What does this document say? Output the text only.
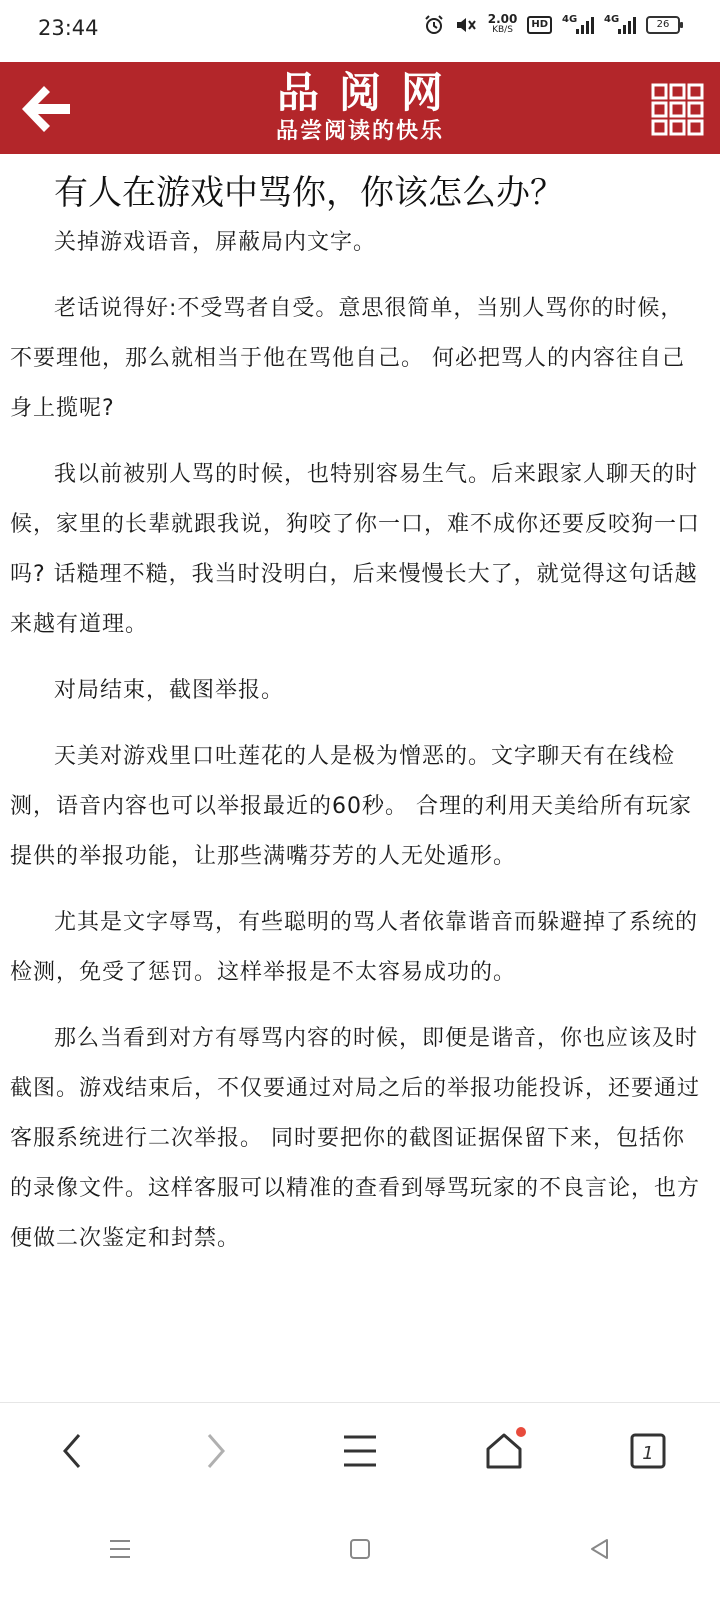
23:44	2.00
KB/S	HD	4G	4G	26
品阅网
品尝阅读的快乐
有人在游戏中骂你，你该怎么办？

关掉游戏语音，屏蔽局内文字。

老话说得好:不受骂者自受。意思很简单，当别人骂你的时候，不要理他，那么就相当于他在骂他自己。 何必把骂人的内容往自己身上揽呢?

我以前被别人骂的时候，也特别容易生气。后来跟家人聊天的时候，家里的长辈就跟我说，狗咬了你一口，难不成你还要反咬狗一口吗? 话糙理不糙，我当时没明白，后来慢慢长大了，就觉得这句话越来越有道理。

对局结束，截图举报。

天美对游戏里口吐莲花的人是极为憎恶的。文字聊天有在线检测，语音内容也可以举报最近的60秒。 合理的利用天美给所有玩家提供的举报功能，让那些满嘴芬芳的人无处遁形。

尤其是文字辱骂，有些聪明的骂人者依靠谐音而躲避掉了系统的检测，免受了惩罚。这样举报是不太容易成功的。

那么当看到对方有辱骂内容的时候，即便是谐音，你也应该及时截图。游戏结束后，不仅要通过对局之后的举报功能投诉，还要通过客服系统进行二次举报。 同时要把你的截图证据保留下来，包括你的录像文件。这样客服可以精准的查看到辱骂玩家的不良言论，也方便做二次鉴定和封禁。

1
